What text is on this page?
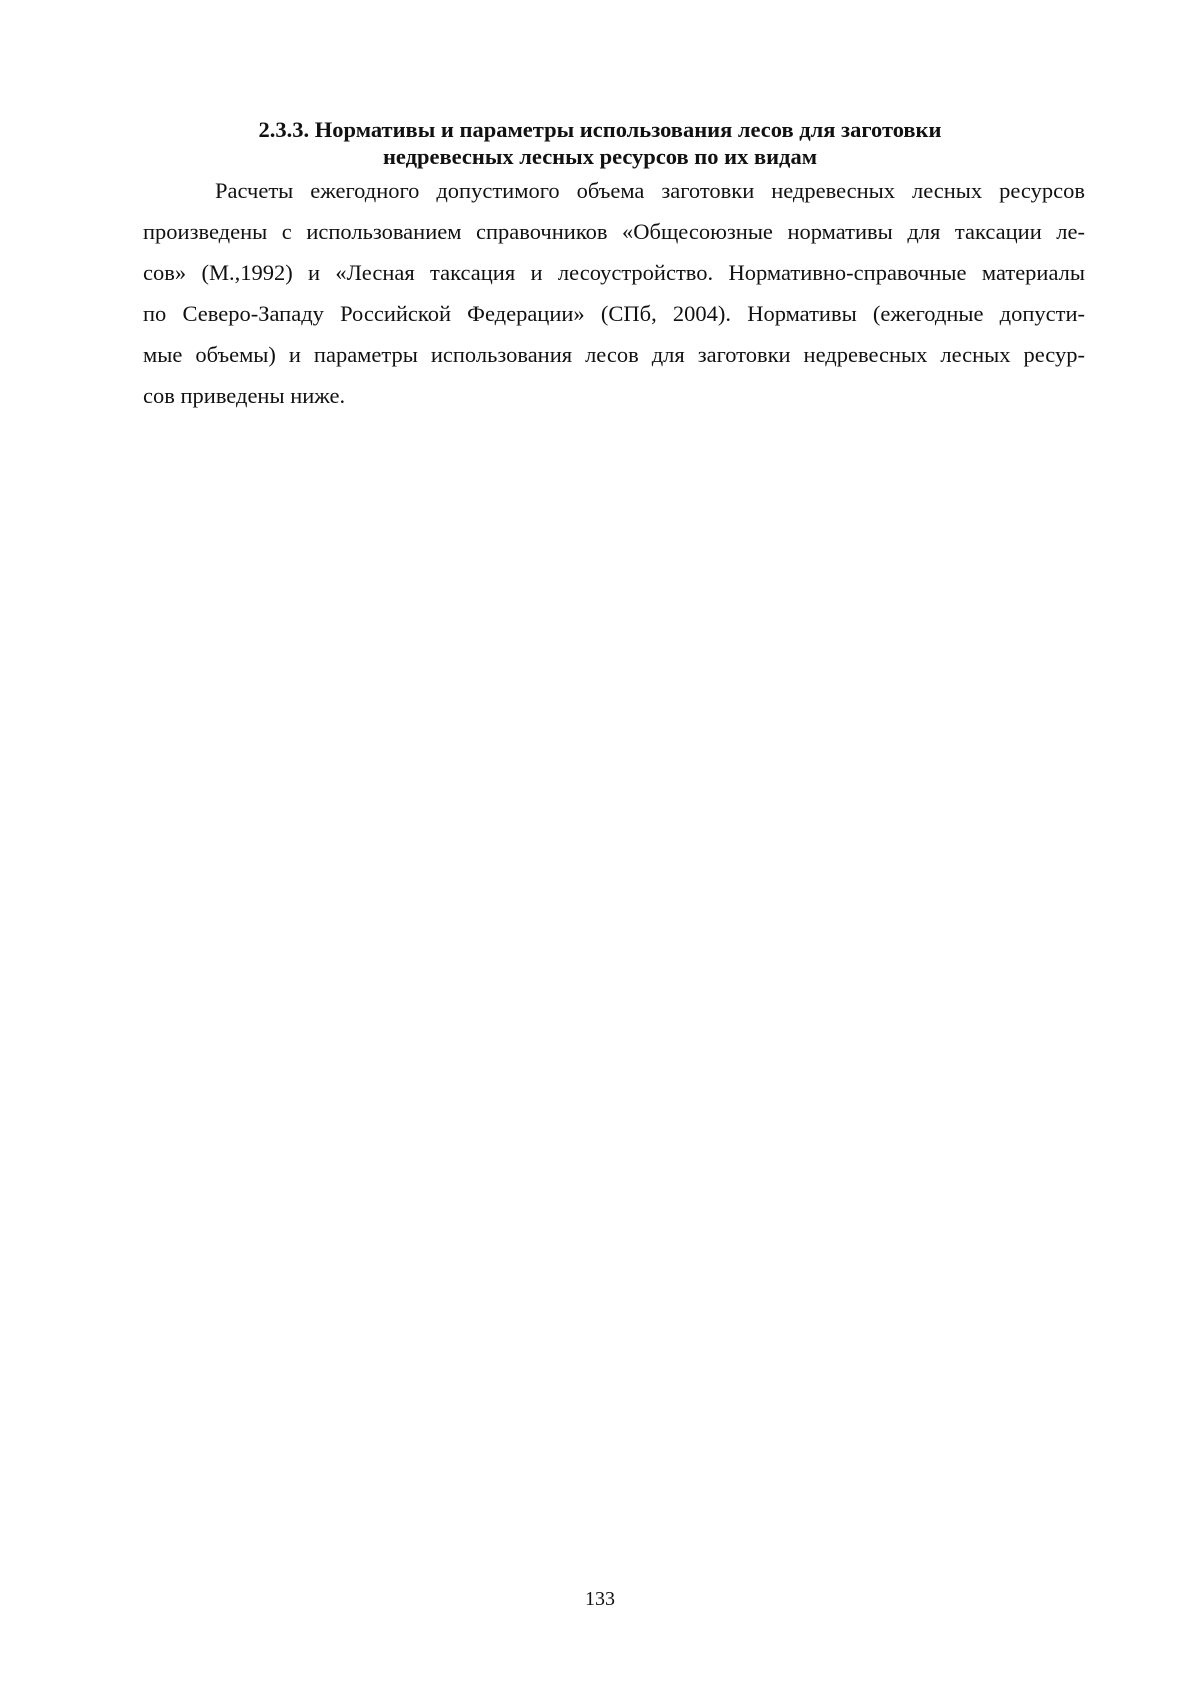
2.3.3. Нормативы и параметры использования лесов для заготовки
недревесных лесных ресурсов по их видам
Расчеты ежегодного допустимого объема заготовки недревесных лесных ресурсов
произведены с использованием справочников «Общесоюзные нормативы для таксации ле-
сов» (М.,1992) и «Лесная таксация и лесоустройство. Нормативно-справочные материалы
по Северо-Западу Российской Федерации» (СПб, 2004). Нормативы (ежегодные допусти-
мые объемы) и параметры использования лесов для заготовки недревесных лесных ресур-
сов приведены ниже.
133
